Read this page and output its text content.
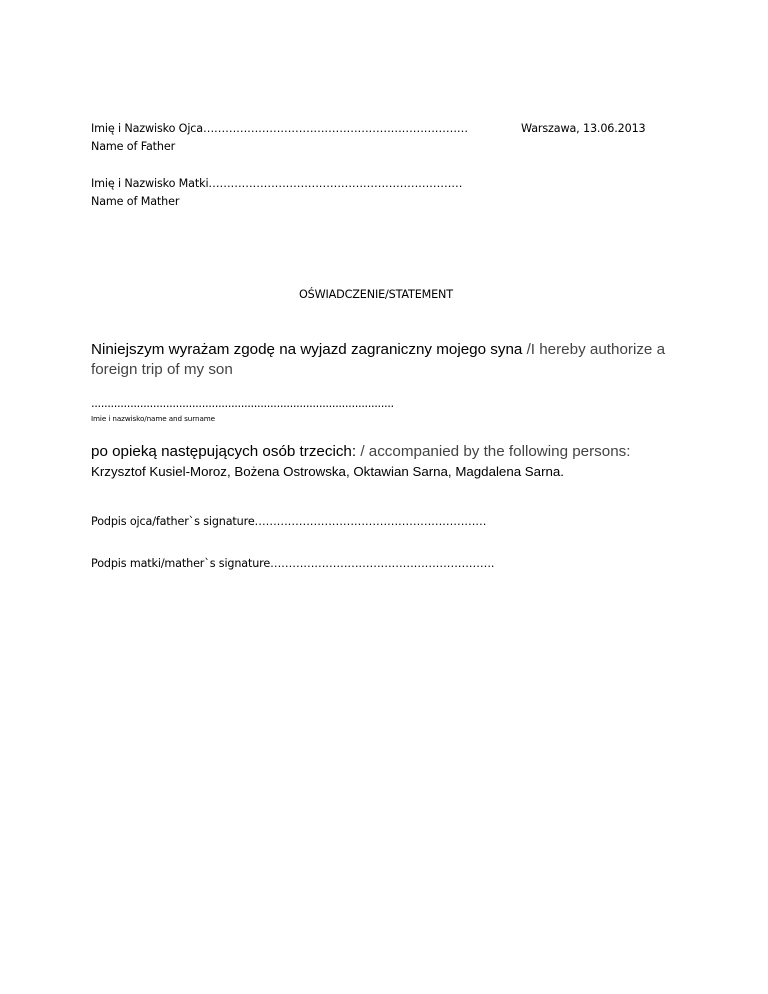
Imię i Nazwisko Ojca………………………………………………………………
Name of Father
Warszawa, 13.06.2013
Imię i Nazwisko Matki……………………………………………………………
Name of Mather
OŚWIADCZENIE/STATEMENT
Niniejszym wyrażam zgodę na wyjazd zagraniczny mojego syna /I hereby authorize a
foreign trip of my son
.............................................................................................
Imie i nazwisko/name and surname
po opieką następujących osób trzecich: / accompanied by the following persons:
Krzysztof Kusiel-Moroz, Bożena Ostrowska, Oktawian Sarna, Magdalena Sarna.
Podpis ojca/father`s signature………………………………………………………
Podpis matki/mather`s signature…………………………………………………….
